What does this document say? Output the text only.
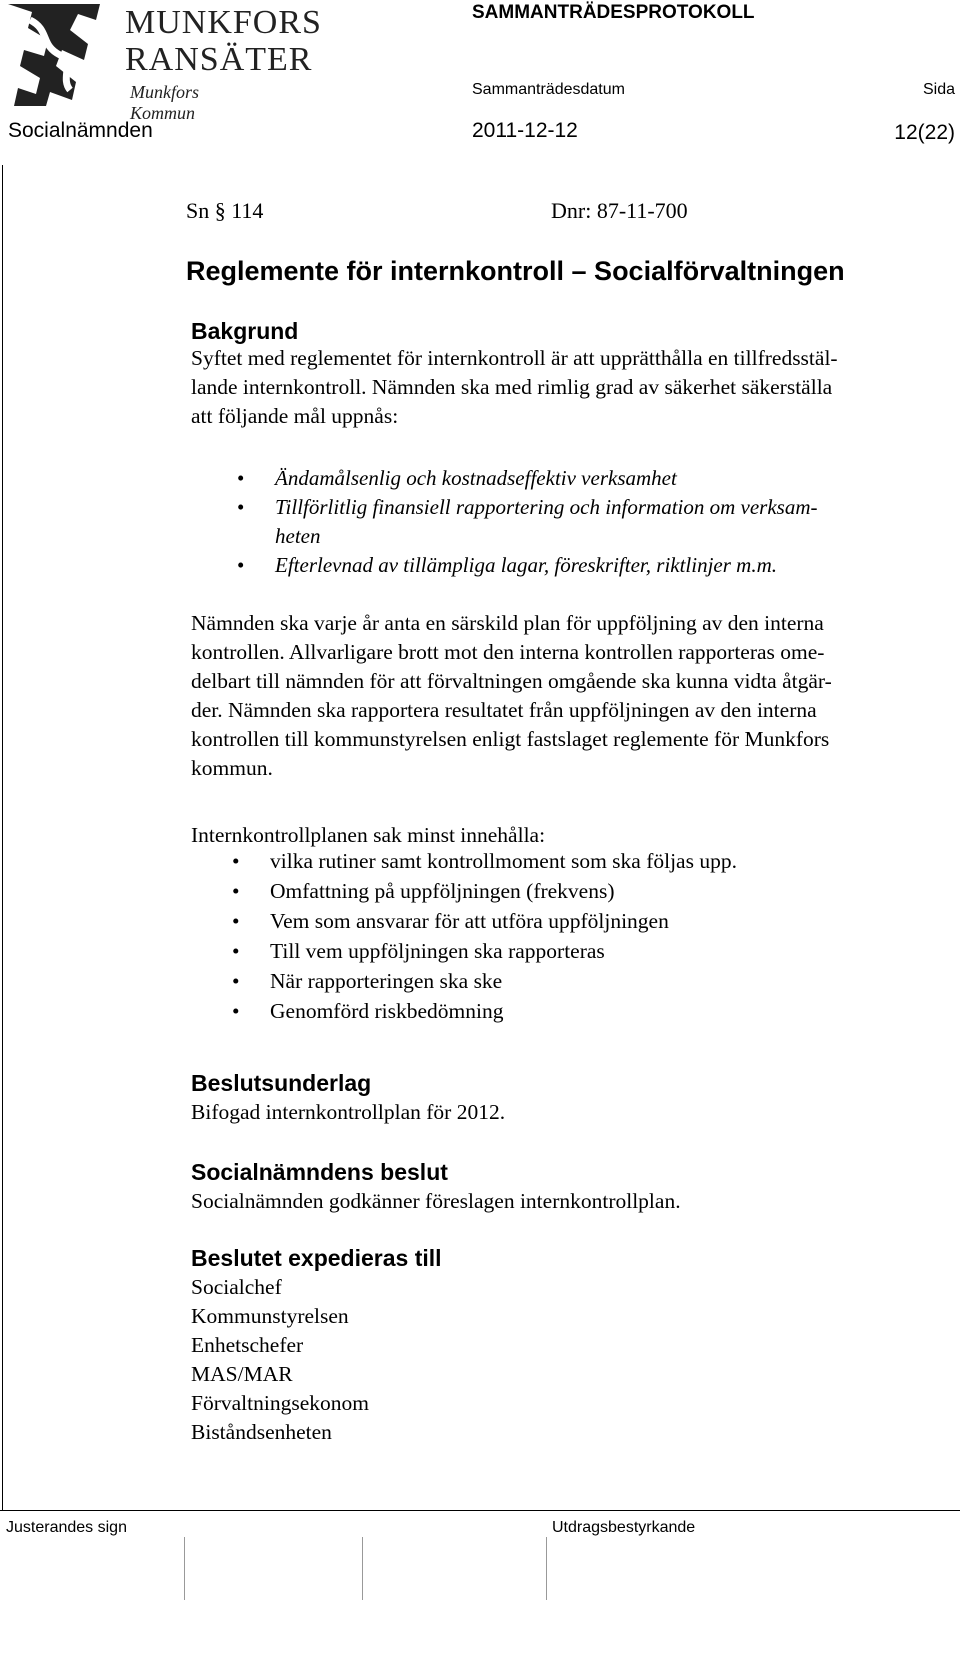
MUNKFORS
RANSÄTER
Munkfors Kommun
SAMMANTRÄDESPROTOKOLL
Sammanträdesdatum	Sida
Socialnämnden	2011-12-12	12(22)
Sn § 114	Dnr: 87-11-700
Reglemente för internkontroll – Socialförvaltningen
Bakgrund
Syftet med reglementet för internkontroll är att upprätthålla en tillfredsstäl-
lande internkontroll. Nämnden ska med rimlig grad av säkerhet säkerställa
att följande mål uppnås:
• Ändamålsenlig och kostnadseffektiv verksamhet
• Tillförlitlig finansiell rapportering och information om verksam-
heten
• Efterlevnad av tillämpliga lagar, föreskrifter, riktlinjer m.m.
Nämnden ska varje år anta en särskild plan för uppföljning av den interna
kontrollen. Allvarligare brott mot den interna kontrollen rapporteras ome-
delbart till nämnden för att förvaltningen omgående ska kunna vidta åtgär-
der. Nämnden ska rapportera resultatet från uppföljningen av den interna
kontrollen till kommunstyrelsen enligt fastslaget reglemente för Munkfors
kommun.
Internkontrollplanen sak minst innehålla:
• vilka rutiner samt kontrollmoment som ska följas upp.
• Omfattning på uppföljningen (frekvens)
• Vem som ansvarar för att utföra uppföljningen
• Till vem uppföljningen ska rapporteras
• När rapporteringen ska ske
• Genomförd riskbedömning
Beslutsunderlag
Bifogad internkontrollplan för 2012.
Socialnämndens beslut
Socialnämnden godkänner föreslagen internkontrollplan.
Beslutet expedieras till
Socialchef
Kommunstyrelsen
Enhetschefer
MAS/MAR
Förvaltningsekonom
Biståndsenheten
Justerandes sign	Utdragsbestyrkande
